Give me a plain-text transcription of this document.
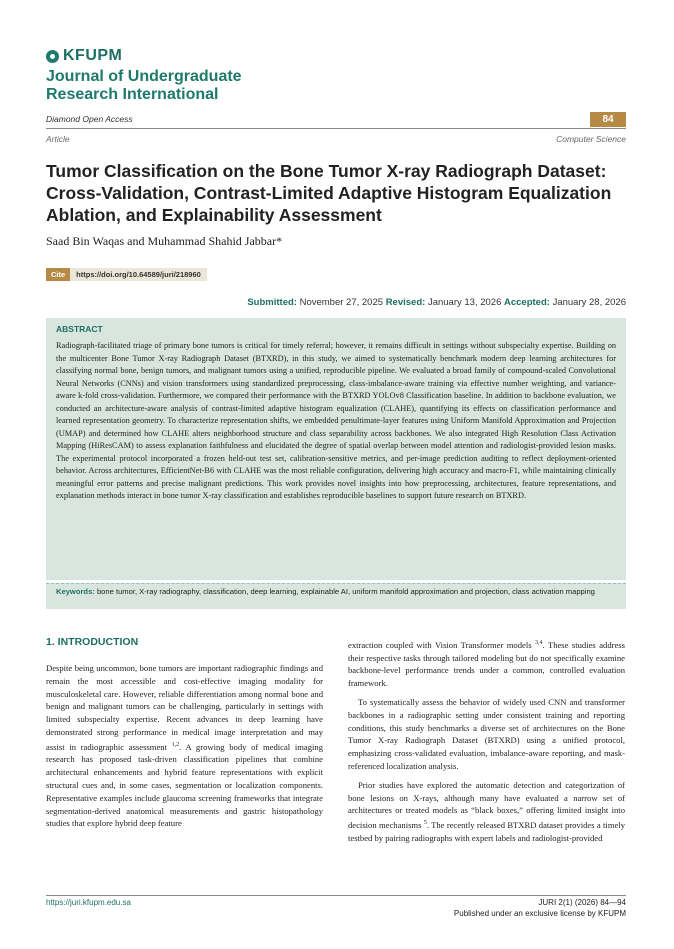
KFUPM
Journal of Undergraduate
Research International
Diamond Open Access	84
Article	Computer Science
Tumor Classification on the Bone Tumor X-ray Radiograph Dataset: Cross-Validation, Contrast-Limited Adaptive Histogram Equalization Ablation, and Explainability Assessment
Saad Bin Waqas and Muhammad Shahid Jabbar*
Cite	https://doi.org/10.64589/juri/218960
Submitted: November 27, 2025 Revised: January 13, 2026 Accepted: January 28, 2026
ABSTRACT
Radiograph-facilitated triage of primary bone tumors is critical for timely referral; however, it remains difficult in settings without subspecialty expertise. Building on the multicenter Bone Tumor X-ray Radiograph Dataset (BTXRD), in this study, we aimed to systematically benchmark modern deep learning architectures for classifying normal bone, benign tumors, and malignant tumors using a unified, reproducible pipeline. We evaluated a broad family of compound-scaled Convolutional Neural Networks (CNNs) and vision transformers using standardized preprocessing, class-imbalance-aware training via effective number weighting, and variance-aware k-fold cross-validation. Furthermore, we compared their performance with the BTXRD YOLOv8 Classification baseline. In addition to backbone evaluation, we conducted an architecture-aware analysis of contrast-limited adaptive histogram equalization (CLAHE), quantifying its effects on classification performance and learned representation geometry. To characterize representation shifts, we embedded penultimate-layer features using Uniform Manifold Approximation and Projection (UMAP) and determined how CLAHE alters neighborhood structure and class separability across backbones. We also integrated High Resolution Class Activation Mapping (HiResCAM) to assess explanation faithfulness and elucidated the degree of spatial overlap between model attention and radiologist-provided lesion masks. The experimental protocol incorporated a frozen held-out test set, calibration-sensitive metrics, and per-image prediction auditing to reflect deployment-oriented behavior. Across architectures, EfficientNet-B6 with CLAHE was the most reliable configuration, delivering high accuracy and macro-F1, while maintaining clinically meaningful error patterns and precise malignant predictions. This work provides novel insights into how preprocessing, architectures, feature representations, and explanation methods interact in bone tumor X-ray classification and establishes reproducible baselines to support future research on BTXRD.
Keywords: bone tumor, X-ray radiography, classification, deep learning, explainable AI, uniform manifold approximation and projection, class activation mapping
1. INTRODUCTION

Despite being uncommon, bone tumors are important radiographic findings and remain the most accessible and cost-effective imaging modality for musculoskeletal care. However, reliable differentiation among normal bone and benign and malignant tumors can be challenging, particularly in settings with limited subspecialty expertise. Recent advances in deep learning have demonstrated strong performance in medical image interpretation and may assist in radiographic assessment $^{1,2}$. A growing body of medical imaging research has proposed task-driven classification pipelines that combine architectural enhancements and hybrid feature representations with explicit structural cues and, in some cases, segmentation or localization components. Representative examples include glaucoma screening frameworks that integrate segmentation-derived anatomical measurements and gastric histopathology studies that explore hybrid deep feature

extraction coupled with Vision Transformer models $^{3,4}$. These studies address their respective tasks through tailored modeling but do not specifically examine backbone-level performance trends under a common, controlled evaluation framework.

To systematically assess the behavior of widely used CNN and transformer backbones in a radiographic setting under consistent training and reporting conditions, this study benchmarks a diverse set of architectures on the Bone Tumor X-ray Radiograph Dataset (BTXRD) using a unified protocol, emphasizing cross-validated evaluation, imbalance-aware reporting, and mask-referenced localization analysis.

Prior studies have explored the automatic detection and categorization of bone lesions on X-rays, although many have evaluated a narrow set of architectures or treated models as “black boxes,” offering limited insight into decision mechanisms $^5$. The recently released BTXRD dataset provides a timely testbed by pairing radiographs with expert labels and radiologist-provided

https://juri.kfupm.edu.sa	JURI 2(1) (2026) 84—94
Published under an exclusive license by KFUPM
